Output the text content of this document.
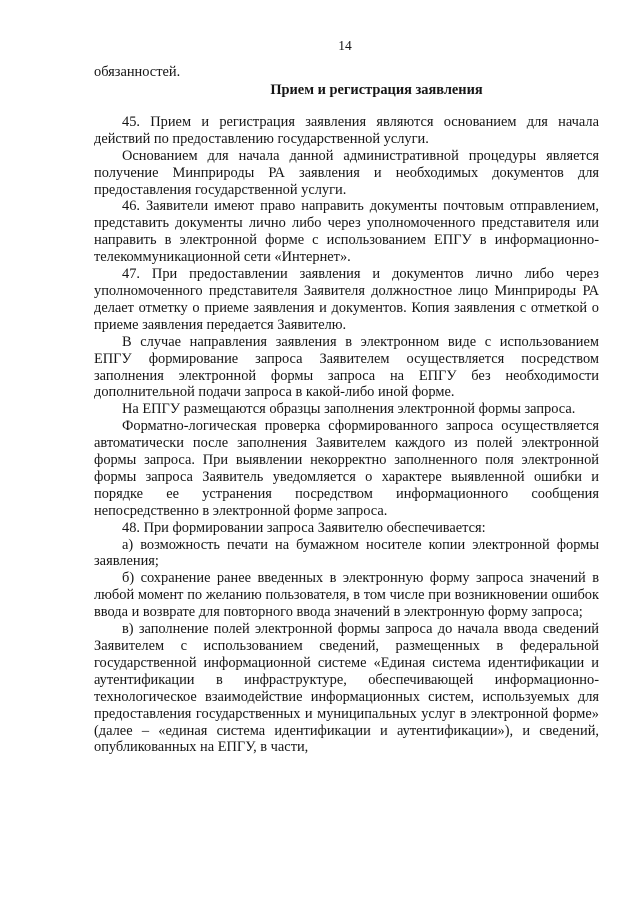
14

обязанностей.

Прием и регистрация заявления

45. Прием и регистрация заявления являются основанием для начала действий по предоставлению государственной услуги.

Основанием для начала данной административной процедуры является получение Минприроды РА заявления и необходимых документов для предоставления государственной услуги.

46. Заявители имеют право направить документы почтовым отправлением, представить документы лично либо через уполномоченного представителя или направить в электронной форме с использованием ЕПГУ в информационно-телекоммуникационной сети «Интернет».

47. При предоставлении заявления и документов лично либо через уполномоченного представителя Заявителя должностное лицо Минприроды РА делает отметку о приеме заявления и документов. Копия заявления с отметкой о приеме заявления передается Заявителю.

В случае направления заявления в электронном виде с использованием ЕПГУ формирование запроса Заявителем осуществляется посредством заполнения электронной формы запроса на ЕПГУ без необходимости дополнительной подачи запроса в какой-либо иной форме.

На ЕПГУ размещаются образцы заполнения электронной формы запроса.

Форматно-логическая проверка сформированного запроса осуществляется автоматически после заполнения Заявителем каждого из полей электронной формы запроса. При выявлении некорректно заполненного поля электронной формы запроса Заявитель уведомляется о характере выявленной ошибки и порядке ее устранения посредством информационного сообщения непосредственно в электронной форме запроса.

48. При формировании запроса Заявителю обеспечивается:

а) возможность печати на бумажном носителе копии электронной формы заявления;

б) сохранение ранее введенных в электронную форму запроса значений в любой момент по желанию пользователя, в том числе при возникновении ошибок ввода и возврате для повторного ввода значений в электронную форму запроса;

в) заполнение полей электронной формы запроса до начала ввода сведений Заявителем с использованием сведений, размещенных в федеральной государственной информационной системе «Единая система идентификации и аутентификации в инфраструктуре, обеспечивающей информационно-технологическое взаимодействие информационных систем, используемых для предоставления государственных и муниципальных услуг в электронной форме» (далее – «единая система идентификации и аутентификации»), и сведений, опубликованных на ЕПГУ, в части,
